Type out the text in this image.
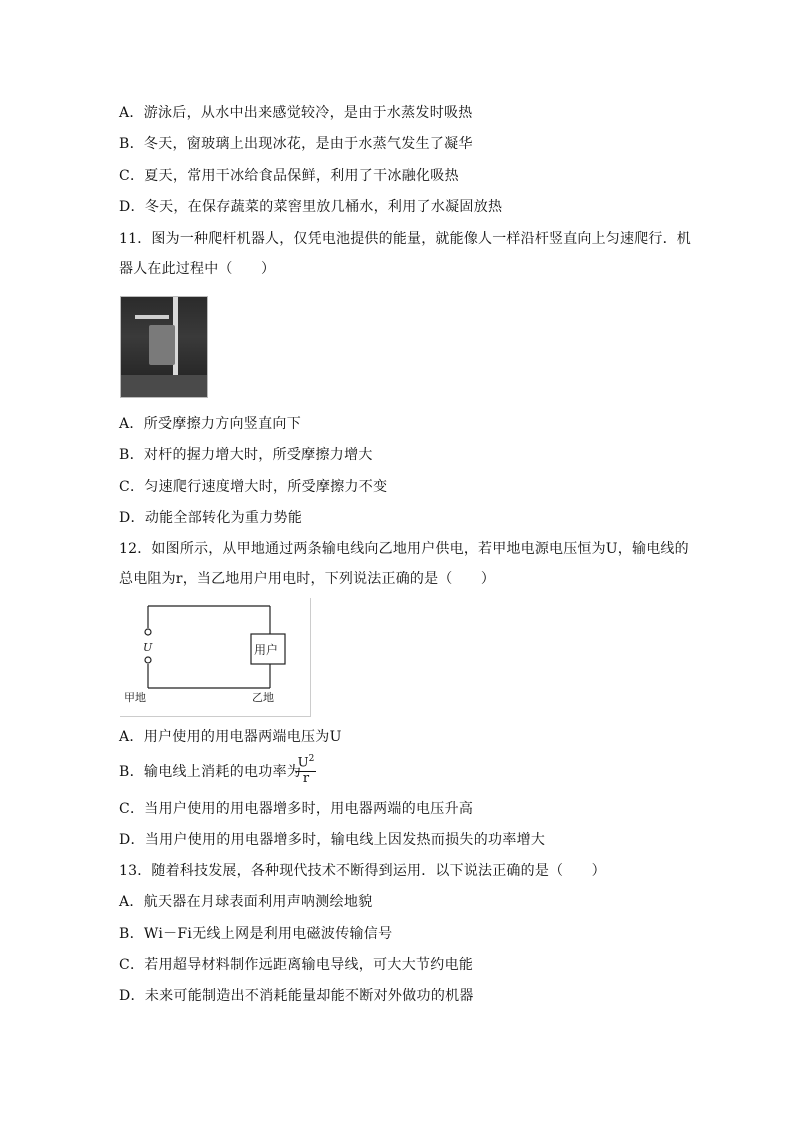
A．游泳后，从水中出来感觉较冷，是由于水蒸发时吸热
B．冬天，窗玻璃上出现冰花，是由于水蒸气发生了凝华
C．夏天，常用干冰给食品保鲜，利用了干冰融化吸热
D．冬天，在保存蔬菜的菜窖里放几桶水，利用了水凝固放热
11．图为一种爬杆机器人，仅凭电池提供的能量，就能像人一样沿杆竖直向上匀速爬行．机
器人在此过程中（　　）
A．所受摩擦力方向竖直向下
B．对杆的握力增大时，所受摩擦力增大
C．匀速爬行速度增大时，所受摩擦力不变
D．动能全部转化为重力势能
12．如图所示，从甲地通过两条输电线向乙地用户供电，若甲地电源电压恒为U，输电线的
总电阻为r，当乙地用户用电时，下列说法正确的是（　　）
U	用户
甲地	乙地
A．用户使用的用电器两端电压为U
B．输电线上消耗的电功率为
$\frac{U^2}{r}$
C．当用户使用的用电器增多时，用电器两端的电压升高
D．当用户使用的用电器增多时，输电线上因发热而损失的功率增大
13．随着科技发展，各种现代技术不断得到运用．以下说法正确的是（　　）
A．航天器在月球表面利用声呐测绘地貌
B．Wi－Fi无线上网是利用电磁波传输信号
C．若用超导材料制作远距离输电导线，可大大节约电能
D．未来可能制造出不消耗能量却能不断对外做功的机器
